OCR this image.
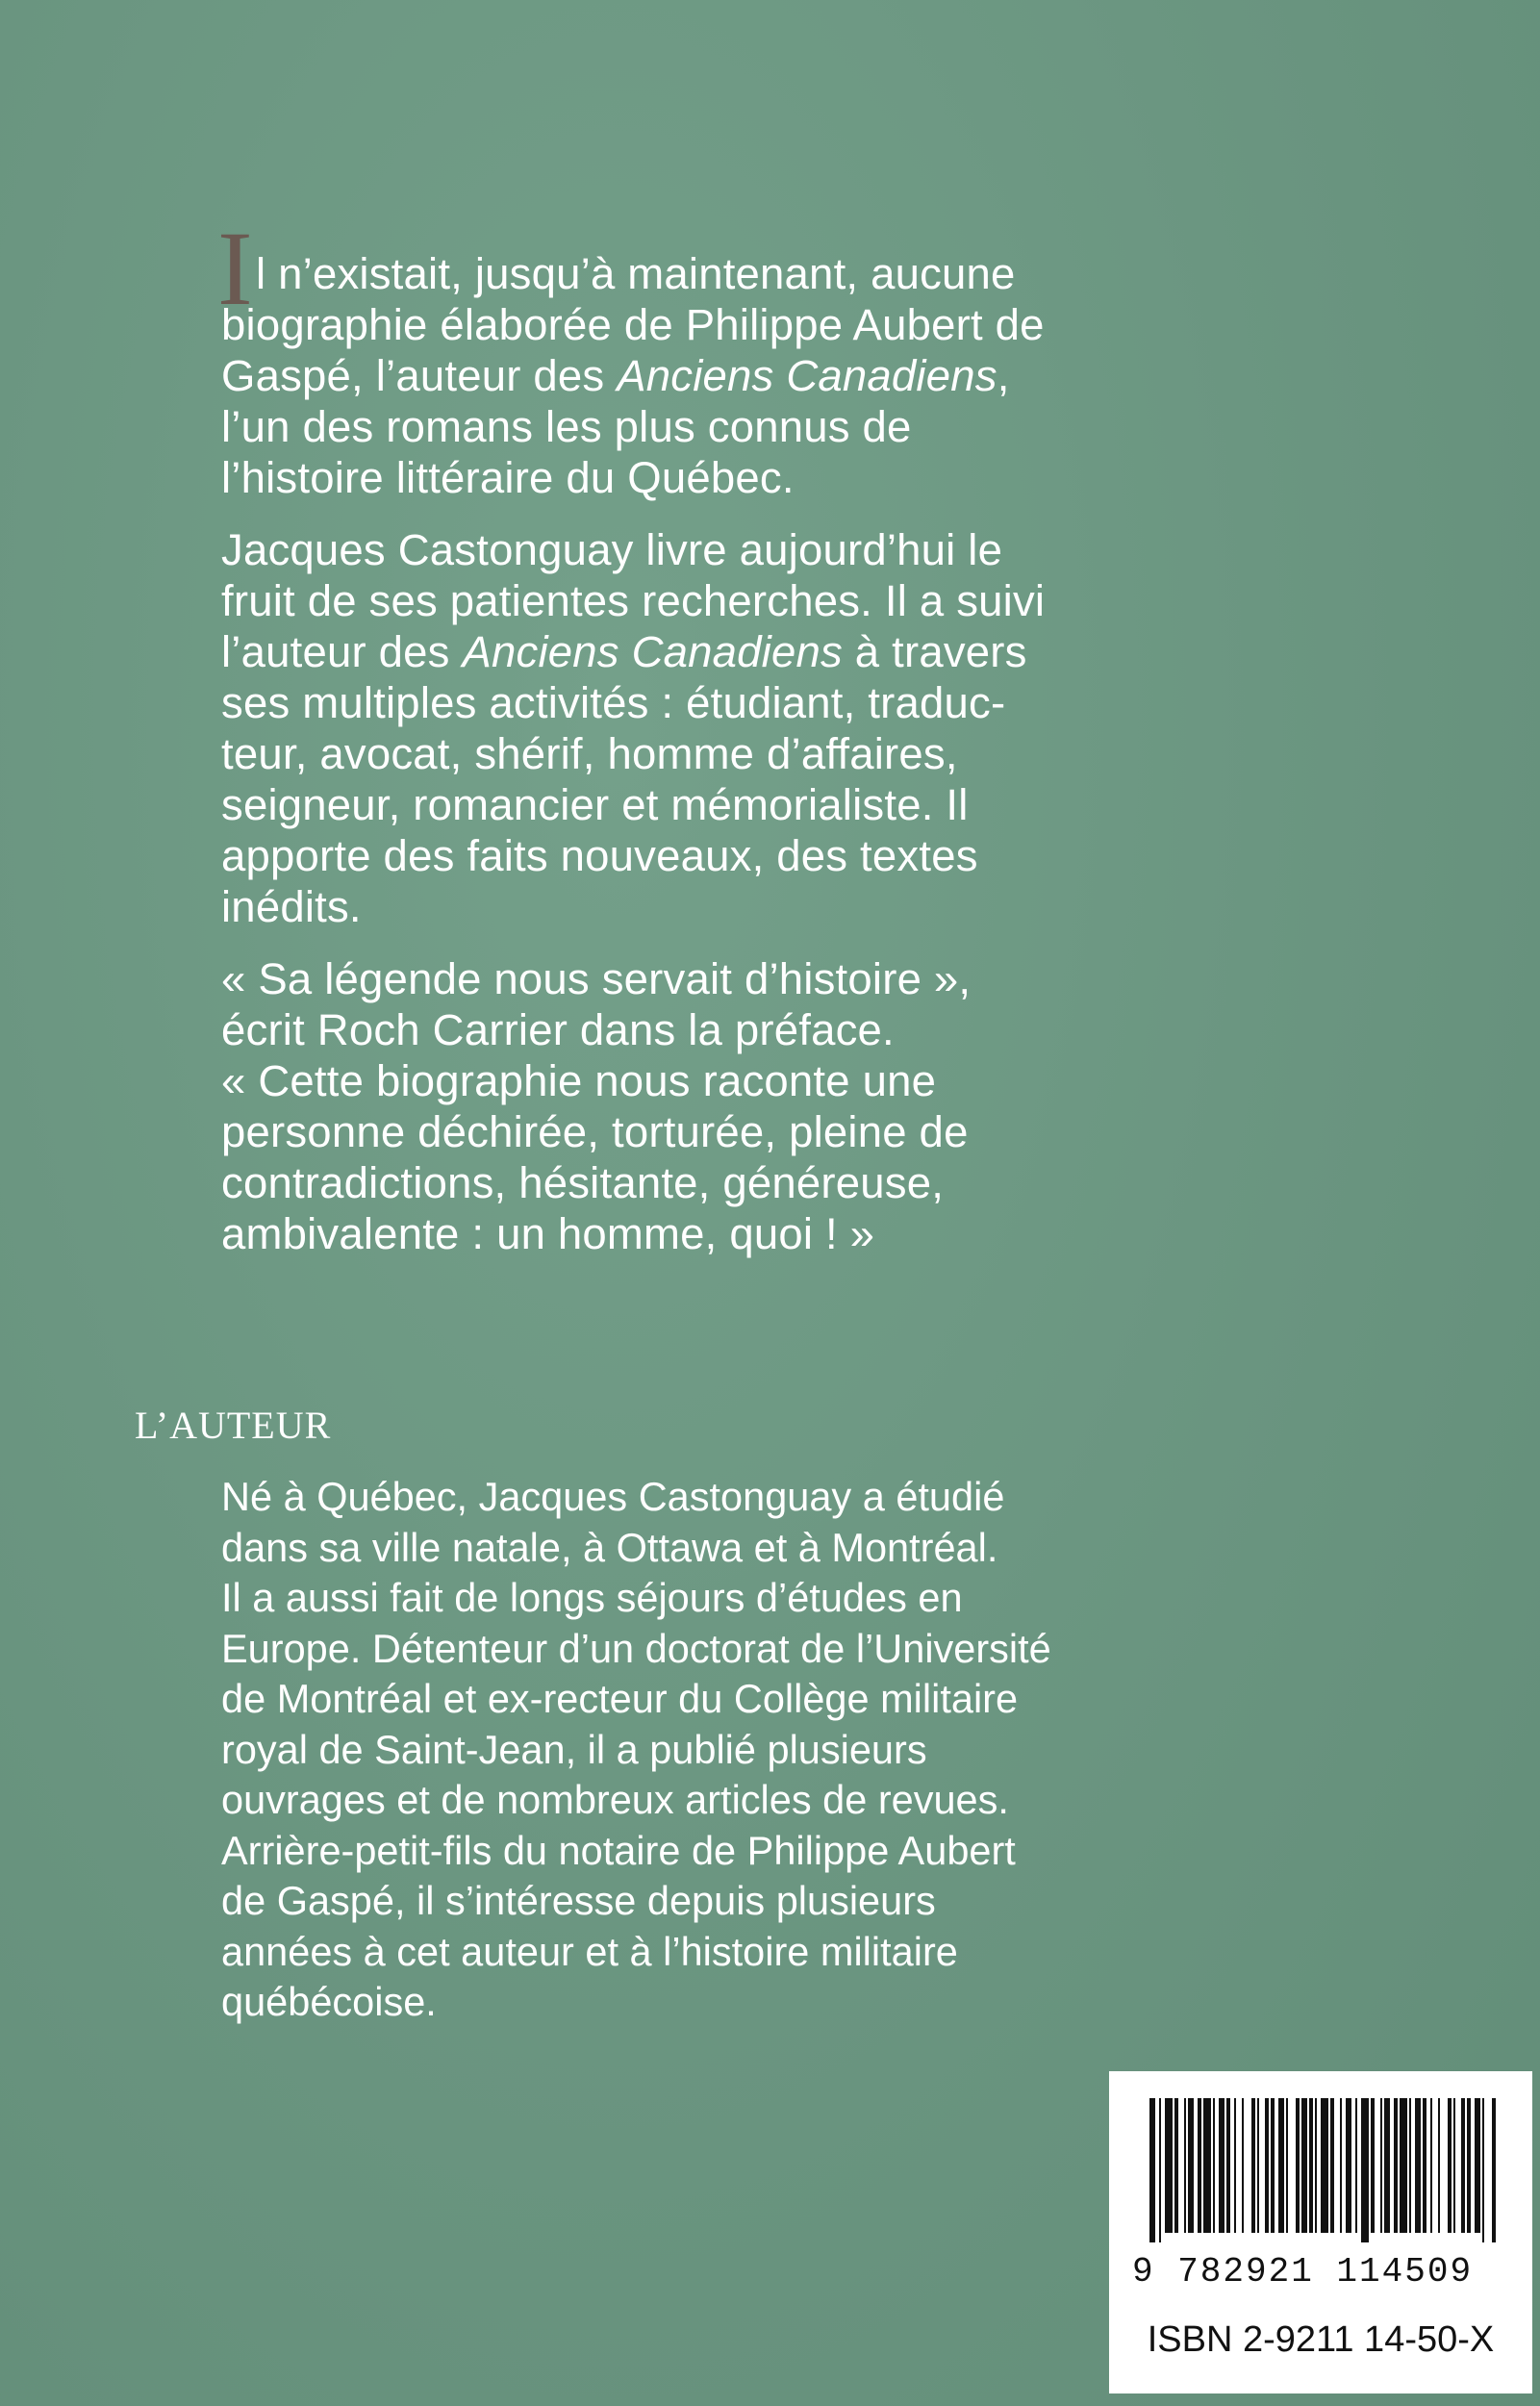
I l n’existait, jusqu’à maintenant, aucune
biographie élaborée de Philippe Aubert de
Gaspé, l’auteur des Anciens Canadiens,
l’un des romans les plus connus de
l’histoire littéraire du Québec.

Jacques Castonguay livre aujourd’hui le
fruit de ses patientes recherches. Il a suivi
l’auteur des Anciens Canadiens à travers
ses multiples activités : étudiant, traduc-
teur, avocat, shérif, homme d’affaires,
seigneur, romancier et mémorialiste. Il
apporte des faits nouveaux, des textes
inédits.

« Sa légende nous servait d’histoire »,
écrit Roch Carrier dans la préface.
« Cette biographie nous raconte une
personne déchirée, torturée, pleine de
contradictions, hésitante, généreuse,
ambivalente : un homme, quoi ! »

L’AUTEUR

Né à Québec, Jacques Castonguay a étudié
dans sa ville natale, à Ottawa et à Montréal.
Il a aussi fait de longs séjours d’études en
Europe. Détenteur d’un doctorat de l’Université
de Montréal et ex-recteur du Collège militaire
royal de Saint-Jean, il a publié plusieurs
ouvrages et de nombreux articles de revues.
Arrière-petit-fils du notaire de Philippe Aubert
de Gaspé, il s’intéresse depuis plusieurs
années à cet auteur et à l’histoire militaire
québécoise.

9 782921 114509
ISBN 2-9211 14-50-X
